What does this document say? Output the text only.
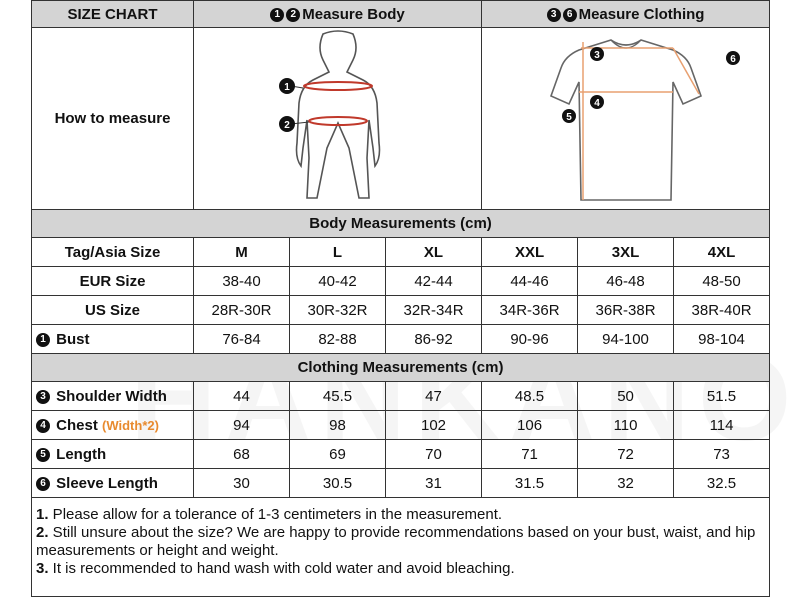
SIZE CHART	1 2 Measure Body			3 6 Measure Clothing		
How to measure	1
2			3
4
5
6		

Body Measurements (cm)						
Tag/Asia Size	M	L	XL	XXL	3XL	4XL
EUR Size	38-40	40-42	42-44	44-46	46-48	48-50
US Size	28R-30R	30R-32R	32R-34R	34R-36R	36R-38R	38R-40R
1 Bust	76-84	82-88	86-92	90-96	94-100	98-104
Clothing Measurements (cm)						
3 Shoulder Width	44	45.5	47	48.5	50	51.5
4 Chest (Width*2)	94	98	102	106	110	114
5 Length	68	69	70	71	72	73
6 Sleeve Length	30	30.5	31	31.5	32	32.5

1. Please allow for a tolerance of 1-3 centimeters in the measurement.
2. Still unsure about the size? We are happy to provide recommendations based on your bust, waist, and hip measurements or height and weight.
3. It is recommended to hand wash with cold water and avoid bleaching.						
